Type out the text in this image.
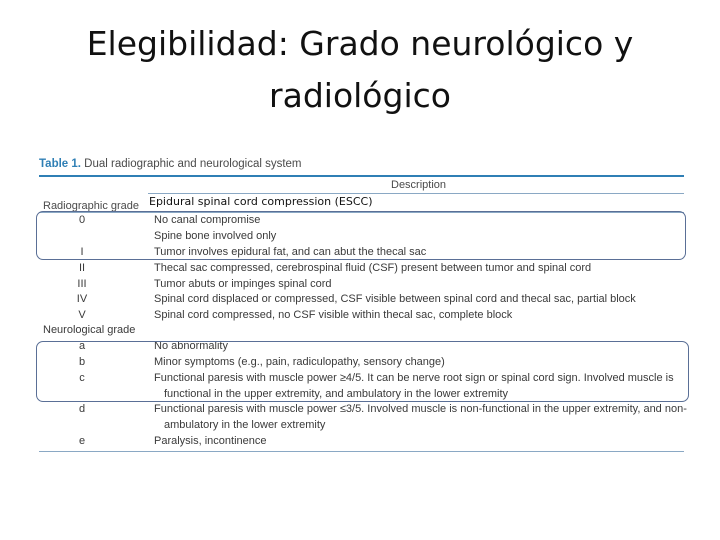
Elegibilidad: Grado neurológico y
radiológico
Table 1. Dual radiographic and neurological system
Description
Radiographic grade Epidural spinal cord compression (ESCC)
0	No canal compromise
Spine bone involved only
I	Tumor involves epidural fat, and can abut the thecal sac
II	Thecal sac compressed, cerebrospinal fluid (CSF) present between tumor and spinal cord
III	Tumor abuts or impinges spinal cord
IV	Spinal cord displaced or compressed, CSF visible between spinal cord and thecal sac, partial block
V	Spinal cord compressed, no CSF visible within thecal sac, complete block
Neurological grade
a	No abnormality
b	Minor symptoms (e.g., pain, radiculopathy, sensory change)
c	Functional paresis with muscle power ≥4/5. It can be nerve root sign or spinal cord sign. Involved muscle is
functional in the upper extremity, and ambulatory in the lower extremity
d	Functional paresis with muscle power ≤3/5. Involved muscle is non-functional in the upper extremity, and non-
ambulatory in the lower extremity
e	Paralysis, incontinence
